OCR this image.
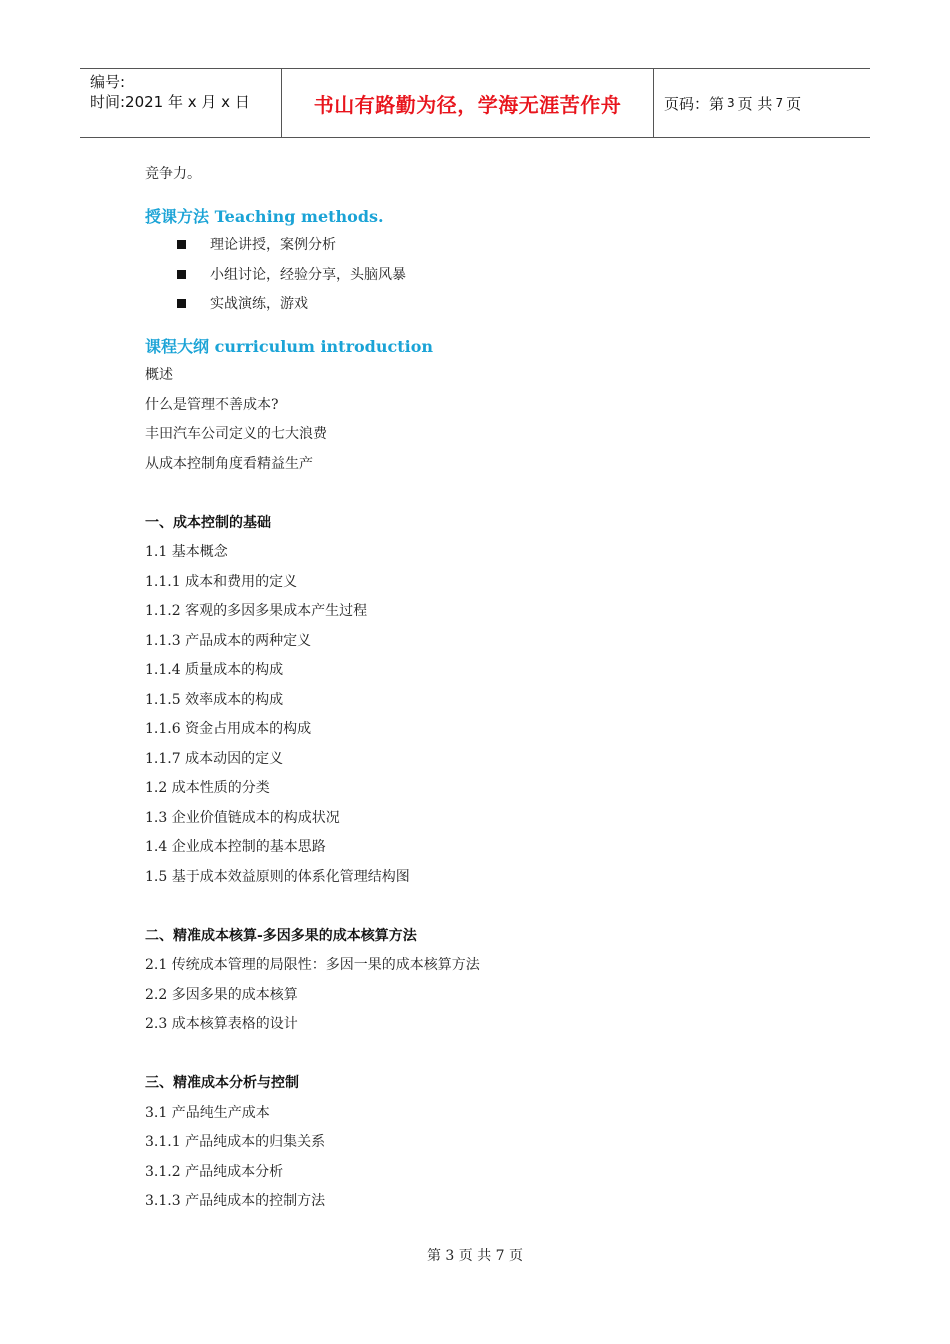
编号:
时间:2021 年 x 月 x 日	书山有路勤为径，学海无涯苦作舟	页码：第 3 页 共 7 页
竞争力。
授课方法 Teaching methods.
理论讲授，案例分析
小组讨论，经验分享，头脑风暴
实战演练，游戏
课程大纲 curriculum introduction
概述
什么是管理不善成本?
丰田汽车公司定义的七大浪费
从成本控制角度看精益生产
一、成本控制的基础
1.1 基本概念
1.1.1 成本和费用的定义
1.1.2 客观的多因多果成本产生过程
1.1.3 产品成本的两种定义
1.1.4 质量成本的构成
1.1.5 效率成本的构成
1.1.6 资金占用成本的构成
1.1.7 成本动因的定义
1.2 成本性质的分类
1.3 企业价值链成本的构成状况
1.4 企业成本控制的基本思路
1.5 基于成本效益原则的体系化管理结构图
二、精准成本核算-多因多果的成本核算方法
2.1 传统成本管理的局限性：多因一果的成本核算方法
2.2 多因多果的成本核算
2.3 成本核算表格的设计
三、精准成本分析与控制
3.1 产品纯生产成本
3.1.1 产品纯成本的归集关系
3.1.2 产品纯成本分析
3.1.3 产品纯成本的控制方法
第 3 页 共 7 页
